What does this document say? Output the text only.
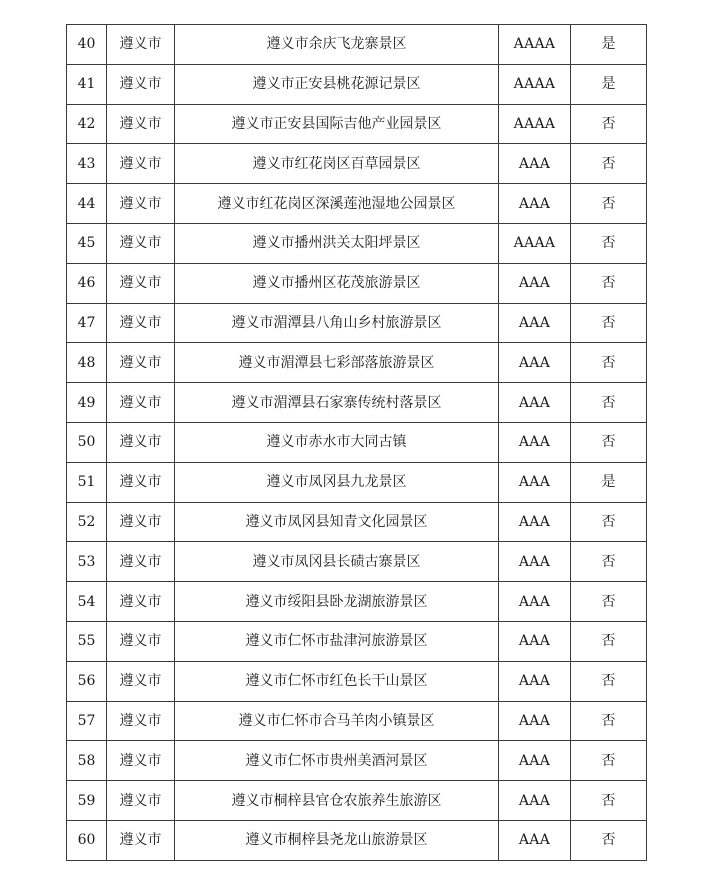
40	遵义市	遵义市余庆飞龙寨景区	AAAA	是
41	遵义市	遵义市正安县桃花源记景区	AAAA	是
42	遵义市	遵义市正安县国际吉他产业园景区	AAAA	否
43	遵义市	遵义市红花岗区百草园景区	AAA	否
44	遵义市	遵义市红花岗区深溪莲池湿地公园景区	AAA	否
45	遵义市	遵义市播州洪关太阳坪景区	AAAA	否
46	遵义市	遵义市播州区花茂旅游景区	AAA	否
47	遵义市	遵义市湄潭县八角山乡村旅游景区	AAA	否
48	遵义市	遵义市湄潭县七彩部落旅游景区	AAA	否
49	遵义市	遵义市湄潭县石家寨传统村落景区	AAA	否
50	遵义市	遵义市赤水市大同古镇	AAA	否
51	遵义市	遵义市凤冈县九龙景区	AAA	是
52	遵义市	遵义市凤冈县知青文化园景区	AAA	否
53	遵义市	遵义市凤冈县长碛古寨景区	AAA	否
54	遵义市	遵义市绥阳县卧龙湖旅游景区	AAA	否
55	遵义市	遵义市仁怀市盐津河旅游景区	AAA	否
56	遵义市	遵义市仁怀市红色长干山景区	AAA	否
57	遵义市	遵义市仁怀市合马羊肉小镇景区	AAA	否
58	遵义市	遵义市仁怀市贵州美酒河景区	AAA	否
59	遵义市	遵义市桐梓县官仓农旅养生旅游区	AAA	否
60	遵义市	遵义市桐梓县尧龙山旅游景区	AAA	否
